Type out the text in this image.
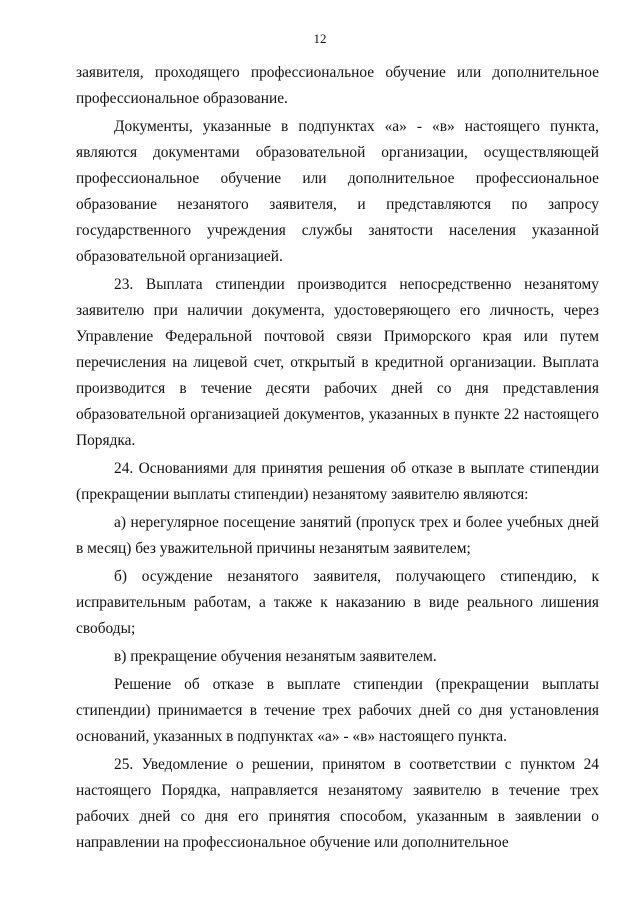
12

заявителя, проходящего профессиональное обучение или дополнительное профессиональное образование.

Документы, указанные в подпунктах «а» - «в» настоящего пункта, являются документами образовательной организации, осуществляющей профессиональное обучение или дополнительное профессиональное образование незанятого заявителя, и представляются по запросу государственного учреждения службы занятости населения указанной образовательной организацией.

23. Выплата стипендии производится непосредственно незанятому заявителю при наличии документа, удостоверяющего его личность, через Управление Федеральной почтовой связи Приморского края или путем перечисления на лицевой счет, открытый в кредитной организации. Выплата производится в течение десяти рабочих дней со дня представления образовательной организацией документов, указанных в пункте 22 настоящего Порядка.

24. Основаниями для принятия решения об отказе в выплате стипендии (прекращении выплаты стипендии) незанятому заявителю являются:

а) нерегулярное посещение занятий (пропуск трех и более учебных дней в месяц) без уважительной причины незанятым заявителем;

б) осуждение незанятого заявителя, получающего стипендию, к исправительным работам, а также к наказанию в виде реального лишения свободы;

в) прекращение обучения незанятым заявителем.

Решение об отказе в выплате стипендии (прекращении выплаты стипендии) принимается в течение трех рабочих дней со дня установления оснований, указанных в подпунктах «а» - «в» настоящего пункта.

25. Уведомление о решении, принятом в соответствии с пунктом 24 настоящего Порядка, направляется незанятому заявителю в течение трех рабочих дней со дня его принятия способом, указанным в заявлении о направлении на профессиональное обучение или дополнительное
